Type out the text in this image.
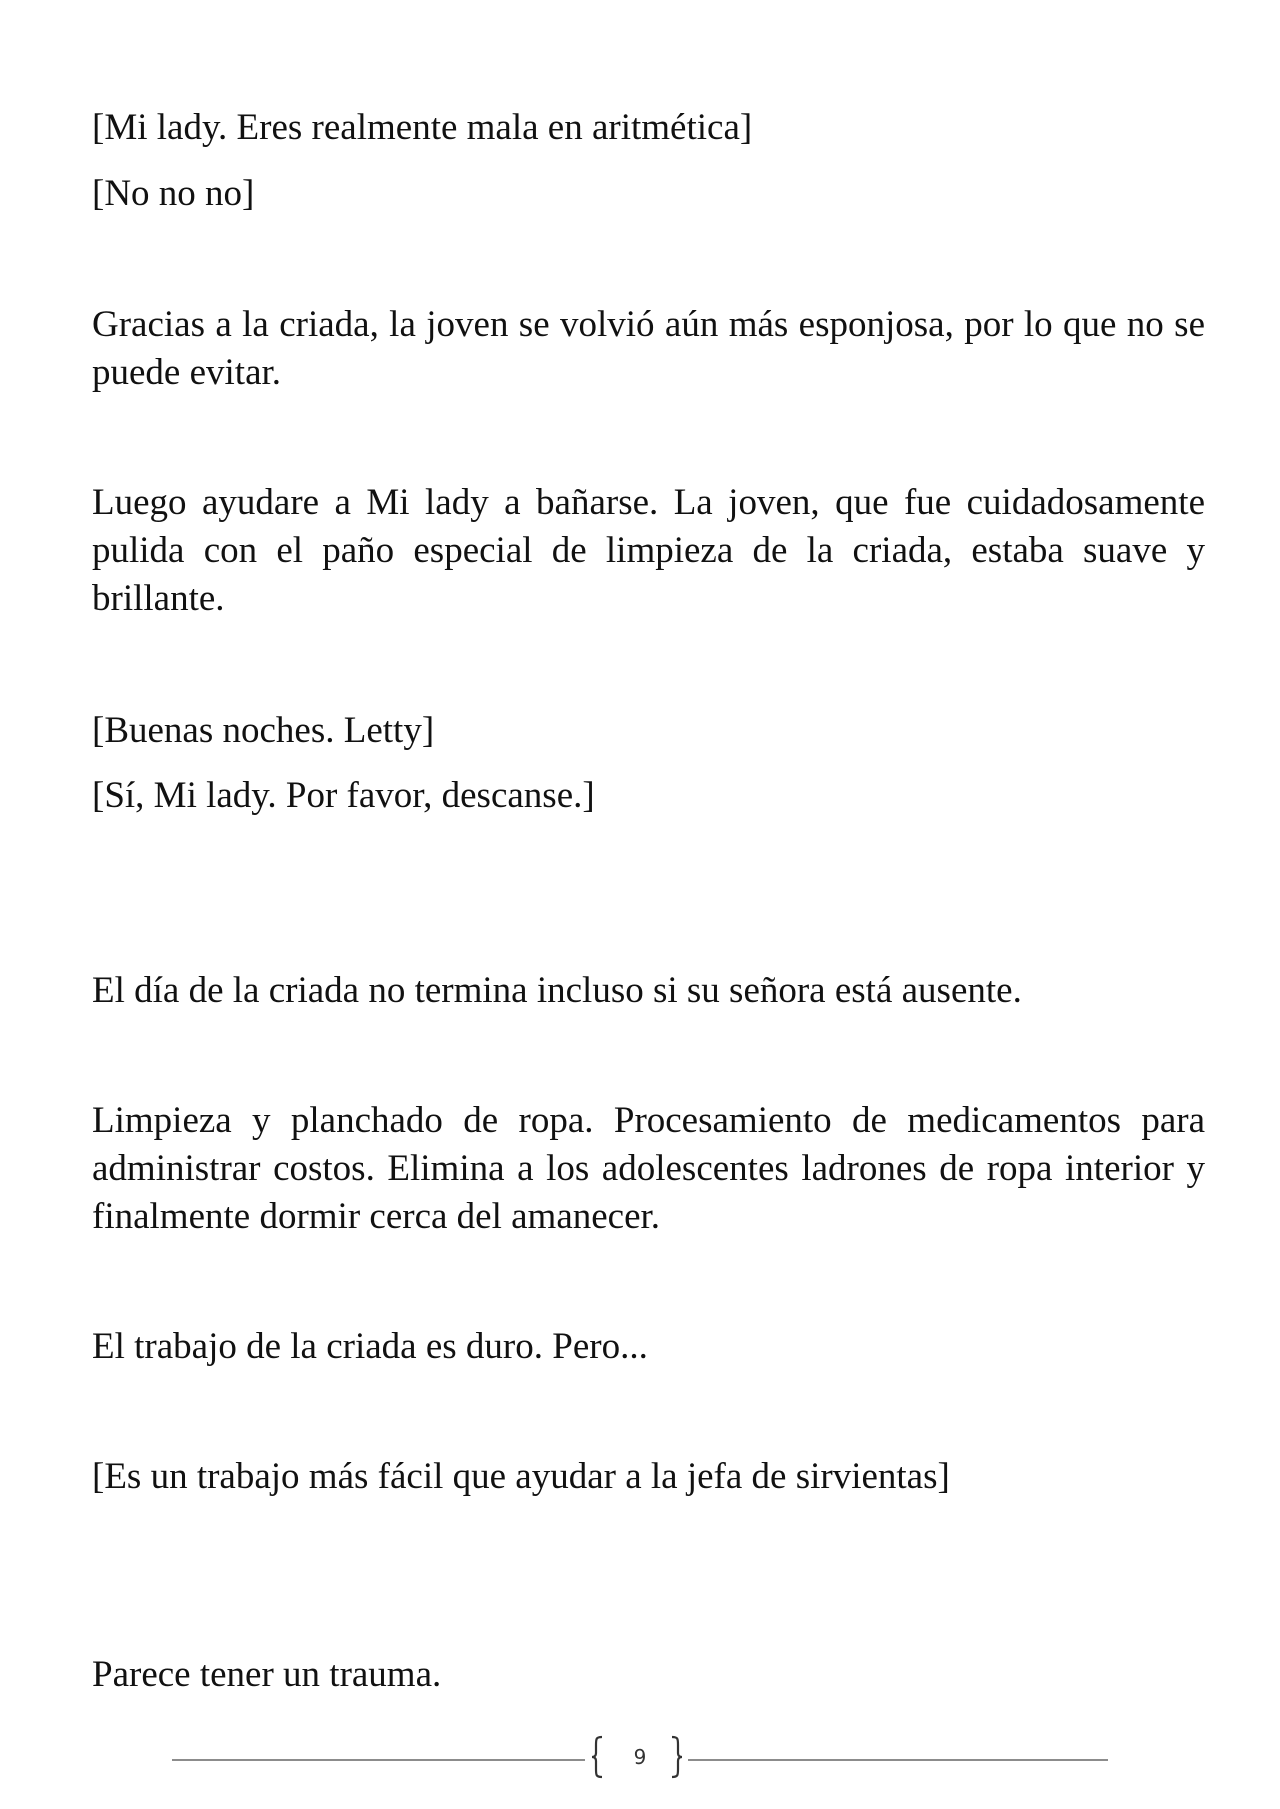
[Mi lady. Eres realmente mala en aritmética]
[No no no]
Gracias a la criada, la joven se volvió aún más esponjosa, por lo que no se puede evitar.
Luego ayudare a Mi lady a bañarse. La joven, que fue cuidadosamente pulida con el paño especial de limpieza de la criada, estaba suave y brillante.
[Buenas noches. Letty]
[Sí, Mi lady. Por favor, descanse.]
El día de la criada no termina incluso si su señora está ausente.
Limpieza y planchado de ropa. Procesamiento de medicamentos para administrar costos. Elimina a los adolescentes ladrones de ropa interior y finalmente dormir cerca del amanecer.
El trabajo de la criada es duro. Pero...
[Es un trabajo más fácil que ayudar a la jefa de sirvientas]
Parece tener un trauma.
9
